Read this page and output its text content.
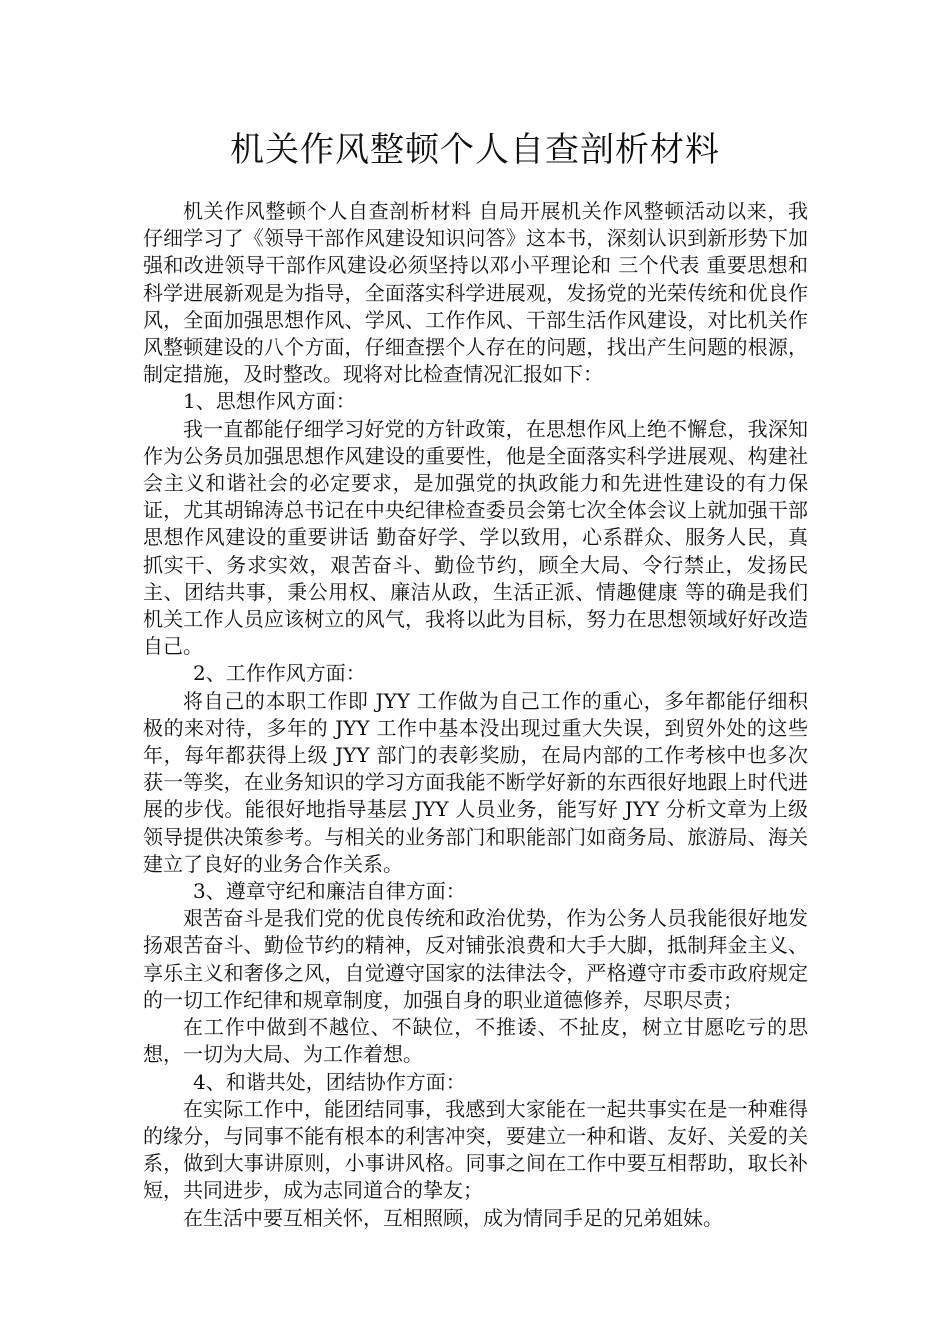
机关作风整顿个人自查剖析材料

机关作风整顿个人自查剖析材料 自局开展机关作风整顿活动以来，我仔细学习了《领导干部作风建设知识问答》这本书，深刻认识到新形势下加强和改进领导干部作风建设必须坚持以邓小平理论和 三个代表 重要思想和科学进展新观是为指导，全面落实科学进展观，发扬党的光荣传统和优良作风，全面加强思想作风、学风、工作作风、干部生活作风建设，对比机关作风整顿建设的八个方面，仔细查摆个人存在的问题，找出产生问题的根源，制定措施，及时整改。现将对比检查情况汇报如下：

1、思想作风方面：

我一直都能仔细学习好党的方针政策，在思想作风上绝不懈怠，我深知作为公务员加强思想作风建设的重要性，他是全面落实科学进展观、构建社会主义和谐社会的必定要求，是加强党的执政能力和先进性建设的有力保证，尤其胡锦涛总书记在中央纪律检查委员会第七次全体会议上就加强干部思想作风建设的重要讲话 勤奋好学、学以致用，心系群众、服务人民，真抓实干、务求实效，艰苦奋斗、勤俭节约，顾全大局、令行禁止，发扬民主、团结共事，秉公用权、廉洁从政，生活正派、情趣健康 等的确是我们机关工作人员应该树立的风气，我将以此为目标，努力在思想领域好好改造自己。

2、工作作风方面：

将自己的本职工作即 JYY 工作做为自己工作的重心，多年都能仔细积极的来对待，多年的 JYY 工作中基本没出现过重大失误，到贸外处的这些年，每年都获得上级 JYY 部门的表彰奖励，在局内部的工作考核中也多次获一等奖，在业务知识的学习方面我能不断学好新的东西很好地跟上时代进展的步伐。能很好地指导基层 JYY 人员业务，能写好 JYY 分析文章为上级领导提供决策参考。与相关的业务部门和职能部门如商务局、旅游局、海关建立了良好的业务合作关系。

3、遵章守纪和廉洁自律方面：

艰苦奋斗是我们党的优良传统和政治优势，作为公务人员我能很好地发扬艰苦奋斗、勤俭节约的精神，反对铺张浪费和大手大脚，抵制拜金主义、享乐主义和奢侈之风，自觉遵守国家的法律法令，严格遵守市委市政府规定的一切工作纪律和规章制度，加强自身的职业道德修养，尽职尽责；

在工作中做到不越位、不缺位，不推诿、不扯皮，树立甘愿吃亏的思想，一切为大局、为工作着想。

4、和谐共处，团结协作方面：

在实际工作中，能团结同事，我感到大家能在一起共事实在是一种难得的缘分，与同事不能有根本的利害冲突，要建立一种和谐、友好、关爱的关系，做到大事讲原则，小事讲风格。同事之间在工作中要互相帮助，取长补短，共同进步，成为志同道合的挚友；

在生活中要互相关怀，互相照顾，成为情同手足的兄弟姐妹。
